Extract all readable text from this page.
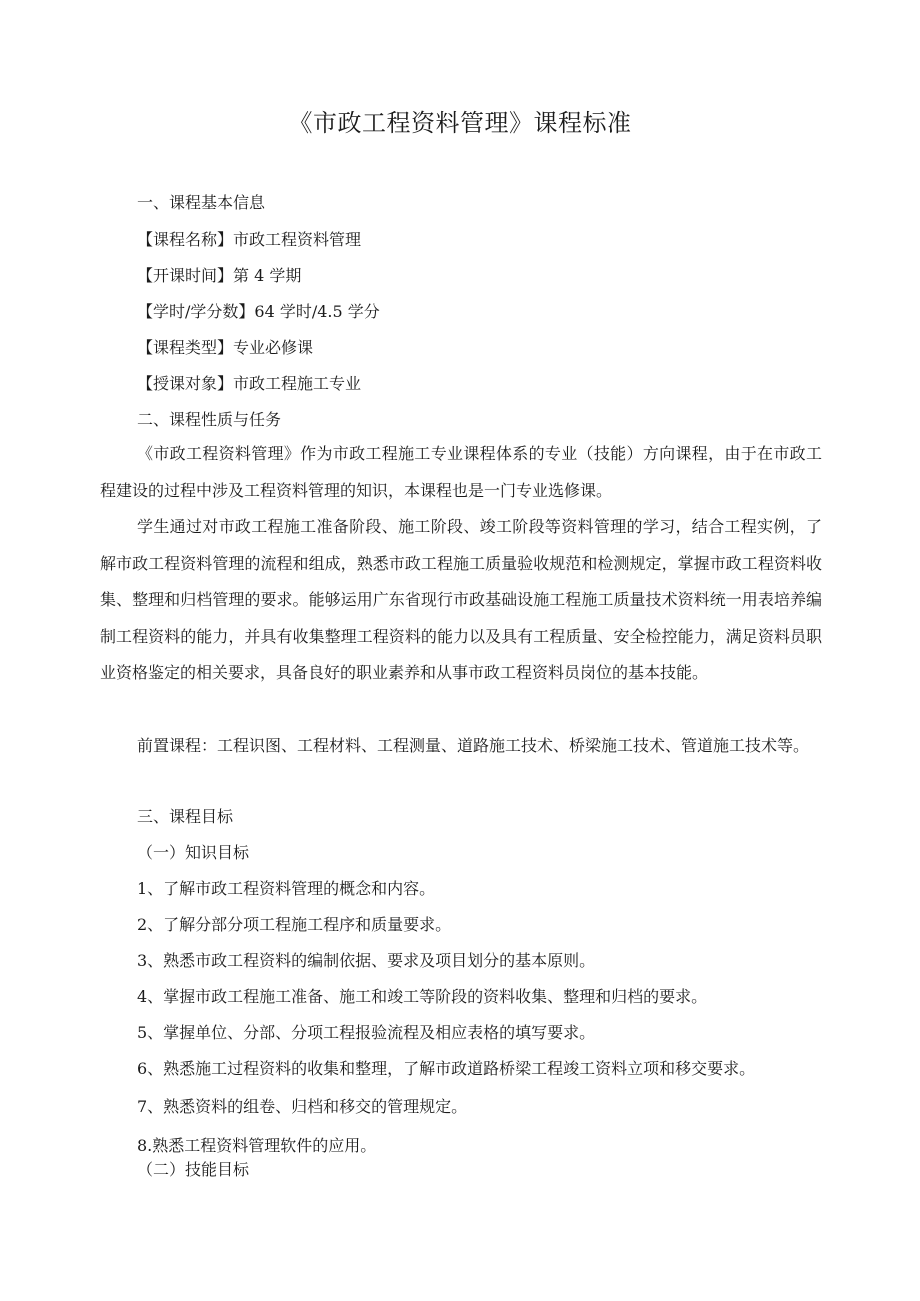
《市政工程资料管理》课程标准
一、课程基本信息
【课程名称】市政工程资料管理
【开课时间】第 4 学期
【学时/学分数】64 学时/4.5 学分
【课程类型】专业必修课
【授课对象】市政工程施工专业
二、课程性质与任务

《市政工程资料管理》作为市政工程施工专业课程体系的专业（技能）方向课程，由于在市政工程建设的过程中涉及工程资料管理的知识，本课程也是一门专业选修课。

学生通过对市政工程施工准备阶段、施工阶段、竣工阶段等资料管理的学习，结合工程实例，了解市政工程资料管理的流程和组成，熟悉市政工程施工质量验收规范和检测规定，掌握市政工程资料收集、整理和归档管理的要求。能够运用广东省现行市政基础设施工程施工质量技术资料统一用表培养编制工程资料的能力，并具有收集整理工程资料的能力以及具有工程质量、安全检控能力，满足资料员职业资格鉴定的相关要求，具备良好的职业素养和从事市政工程资料员岗位的基本技能。

前置课程：工程识图、工程材料、工程测量、道路施工技术、桥梁施工技术、管道施工技术等。

三、课程目标
（一）知识目标
1、了解市政工程资料管理的概念和内容。
2、了解分部分项工程施工程序和质量要求。
3、熟悉市政工程资料的编制依据、要求及项目划分的基本原则。
4、掌握市政工程施工准备、施工和竣工等阶段的资料收集、整理和归档的要求。
5、掌握单位、分部、分项工程报验流程及相应表格的填写要求。
6、熟悉施工过程资料的收集和整理，了解市政道路桥梁工程竣工资料立项和移交要求。
7、熟悉资料的组卷、归档和移交的管理规定。
8.熟悉工程资料管理软件的应用。
（二）技能目标
